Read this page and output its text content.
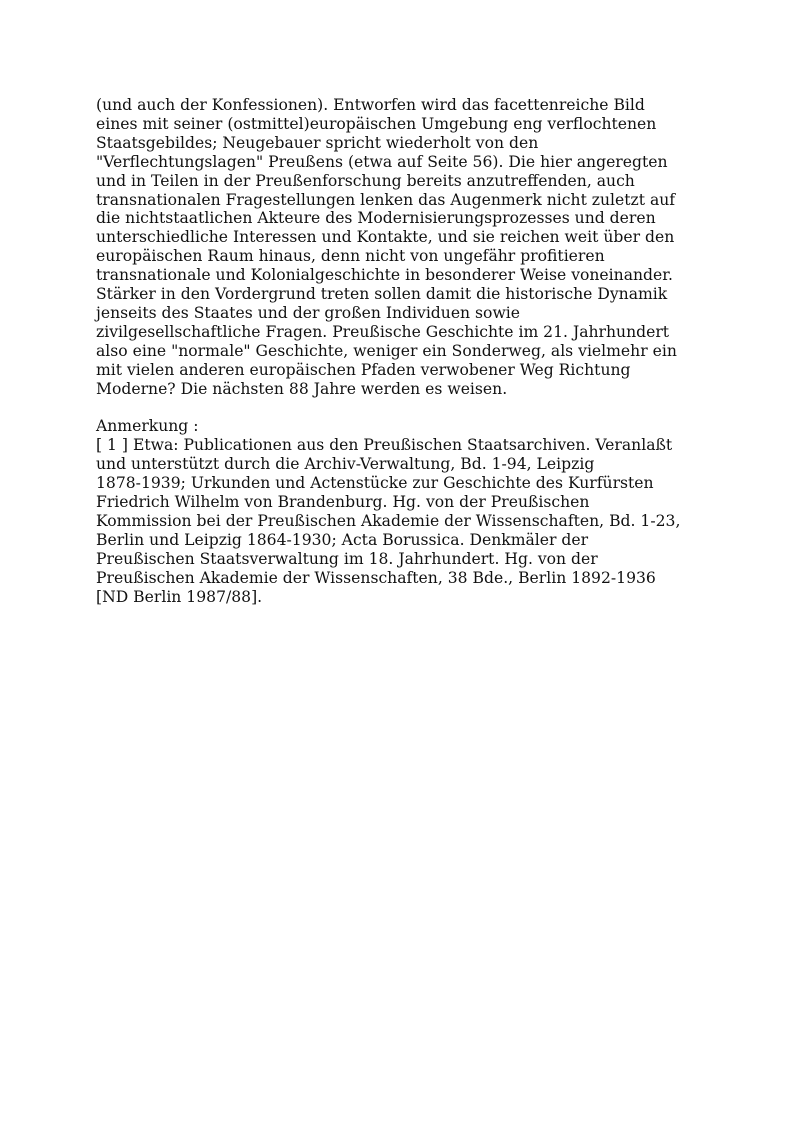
(und auch der Konfessionen). Entworfen wird das facettenreiche Bild
eines mit seiner (ostmittel)europäischen Umgebung eng verflochtenen
Staatsgebildes; Neugebauer spricht wiederholt von den
"Verflechtungslagen" Preußens (etwa auf Seite 56). Die hier angeregten
und in Teilen in der Preußenforschung bereits anzutreffenden, auch
transnationalen Fragestellungen lenken das Augenmerk nicht zuletzt auf
die nichtstaatlichen Akteure des Modernisierungsprozesses und deren
unterschiedliche Interessen und Kontakte, und sie reichen weit über den
europäischen Raum hinaus, denn nicht von ungefähr profitieren
transnationale und Kolonialgeschichte in besonderer Weise voneinander.
Stärker in den Vordergrund treten sollen damit die historische Dynamik
jenseits des Staates und der großen Individuen sowie
zivilgesellschaftliche Fragen. Preußische Geschichte im 21. Jahrhundert
also eine "normale" Geschichte, weniger ein Sonderweg, als vielmehr ein
mit vielen anderen europäischen Pfaden verwobener Weg Richtung
Moderne? Die nächsten 88 Jahre werden es weisen.
Anmerkung :
[ 1 ] Etwa: Publicationen aus den Preußischen Staatsarchiven. Veranlaßt
und unterstützt durch die Archiv-Verwaltung, Bd. 1-94, Leipzig
1878-1939; Urkunden und Actenstücke zur Geschichte des Kurfürsten
Friedrich Wilhelm von Brandenburg. Hg. von der Preußischen
Kommission bei der Preußischen Akademie der Wissenschaften, Bd. 1-23,
Berlin und Leipzig 1864-1930; Acta Borussica. Denkmäler der
Preußischen Staatsverwaltung im 18. Jahrhundert. Hg. von der
Preußischen Akademie der Wissenschaften, 38 Bde., Berlin 1892-1936
[ND Berlin 1987/88].
